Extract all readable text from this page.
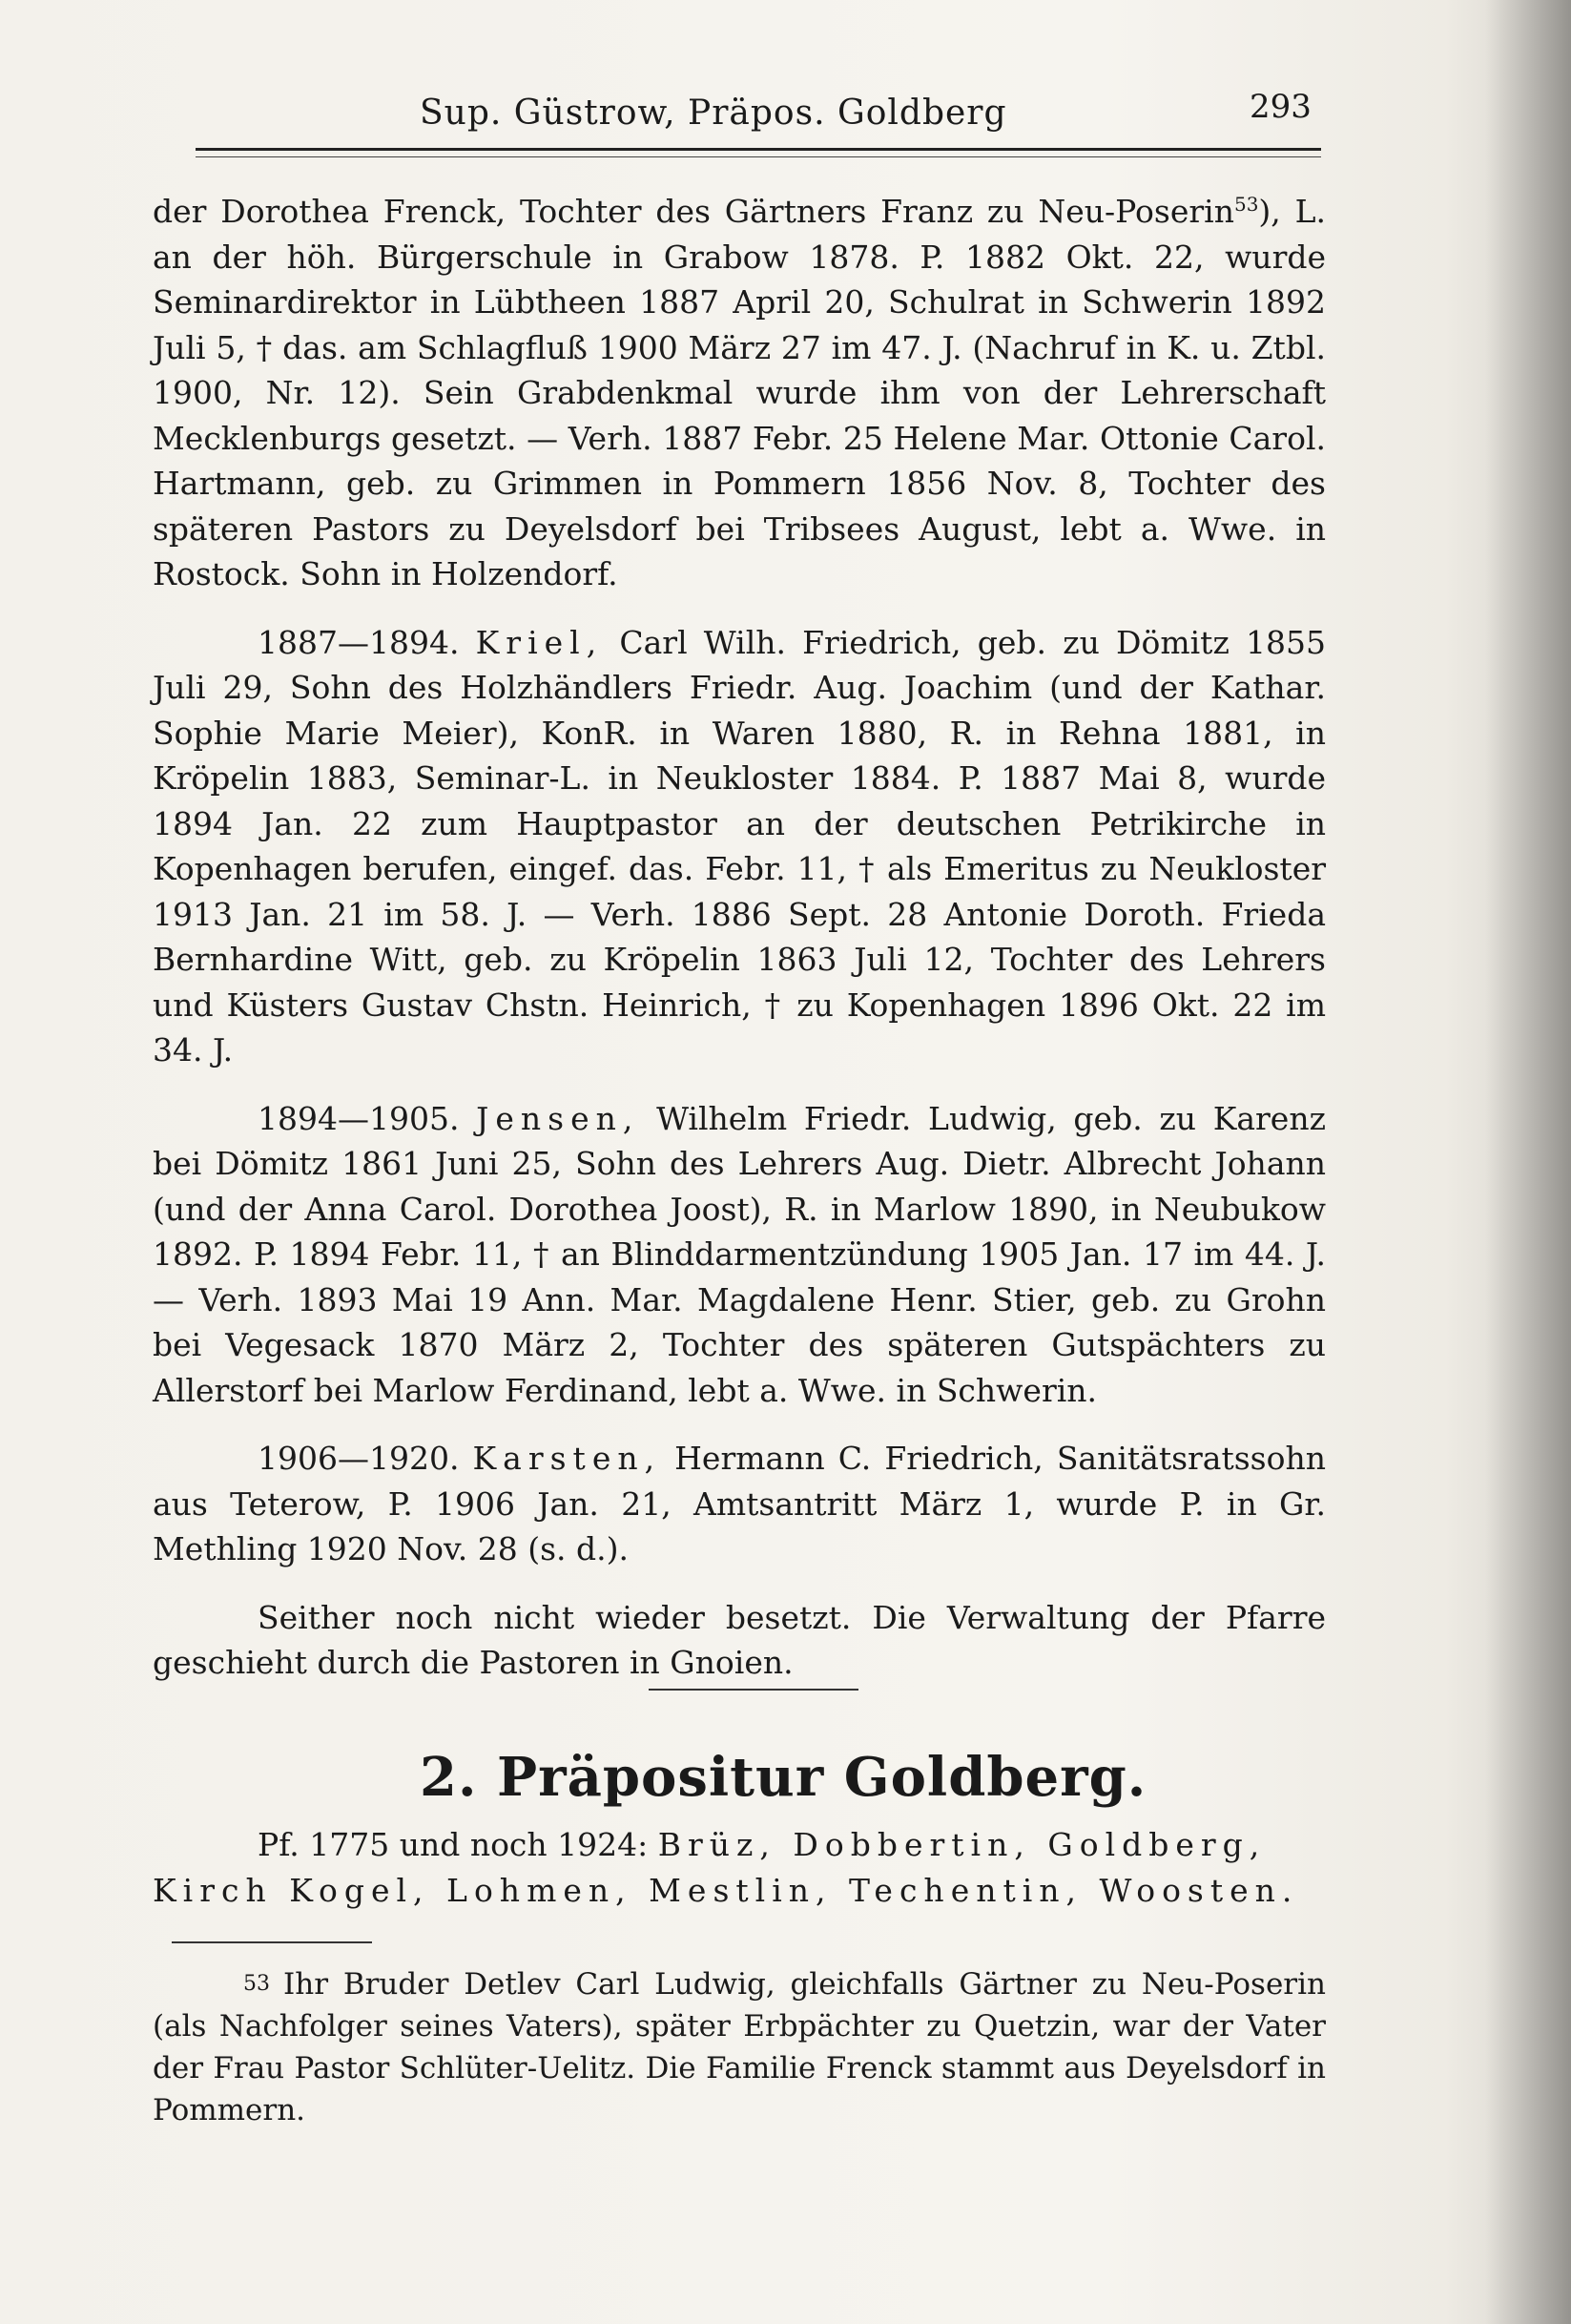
Sup. Güstrow, Präpos. Goldberg	293

der Dorothea Frenck, Tochter des Gärtners Franz zu Neu-Poserin$^{53}$), L. an der höh. Bürgerschule in Grabow 1878. P. 1882 Okt. 22, wurde Seminardirektor in Lübtheen 1887 April 20, Schulrat in Schwerin 1892 Juli 5, † das. am Schlagfluß 1900 März 27 im 47. J. (Nachruf in K. u. Ztbl. 1900, Nr. 12). Sein Grabdenkmal wurde ihm von der Lehrerschaft Mecklenburgs gesetzt. — Verh. 1887 Febr. 25 Helene Mar. Ottonie Carol. Hartmann, geb. zu Grimmen in Pommern 1856 Nov. 8, Tochter des späteren Pastors zu Deyelsdorf bei Tribsees August, lebt a. Wwe. in Rostock. Sohn in Holzendorf.

1887—1894. Kriel, Carl Wilh. Friedrich, geb. zu Dömitz 1855 Juli 29, Sohn des Holzhändlers Friedr. Aug. Joachim (und der Kathar. Sophie Marie Meier), KonR. in Waren 1880, R. in Rehna 1881, in Kröpelin 1883, Seminar-L. in Neukloster 1884. P. 1887 Mai 8, wurde 1894 Jan. 22 zum Hauptpastor an der deutschen Petrikirche in Kopenhagen berufen, eingef. das. Febr. 11, † als Emeritus zu Neukloster 1913 Jan. 21 im 58. J. — Verh. 1886 Sept. 28 Antonie Doroth. Frieda Bernhardine Witt, geb. zu Kröpelin 1863 Juli 12, Tochter des Lehrers und Küsters Gustav Chstn. Heinrich, † zu Kopenhagen 1896 Okt. 22 im 34. J.

1894—1905. Jensen, Wilhelm Friedr. Ludwig, geb. zu Karenz bei Dömitz 1861 Juni 25, Sohn des Lehrers Aug. Dietr. Albrecht Johann (und der Anna Carol. Dorothea Joost), R. in Marlow 1890, in Neubukow 1892. P. 1894 Febr. 11, † an Blinddarmentzündung 1905 Jan. 17 im 44. J. — Verh. 1893 Mai 19 Ann. Mar. Magdalene Henr. Stier, geb. zu Grohn bei Vegesack 1870 März 2, Tochter des späteren Gutspächters zu Allerstorf bei Marlow Ferdinand, lebt a. Wwe. in Schwerin.

1906—1920. Karsten, Hermann C. Friedrich, Sanitätsratssohn aus Teterow, P. 1906 Jan. 21, Amtsantritt März 1, wurde P. in Gr. Methling 1920 Nov. 28 (s. d.).

Seither noch nicht wieder besetzt. Die Verwaltung der Pfarre geschieht durch die Pastoren in Gnoien.

2. Präpositur Goldberg.
Pf. 1775 und noch 1924: Brüz, Dobbertin, Goldberg, Kirch Kogel, Lohmen, Mestlin, Techentin, Woosten.

53 Ihr Bruder Detlev Carl Ludwig, gleichfalls Gärtner zu Neu-Poserin (als Nachfolger seines Vaters), später Erbpächter zu Quetzin, war der Vater der Frau Pastor Schlüter-Uelitz. Die Familie Frenck stammt aus Deyelsdorf in Pommern.
